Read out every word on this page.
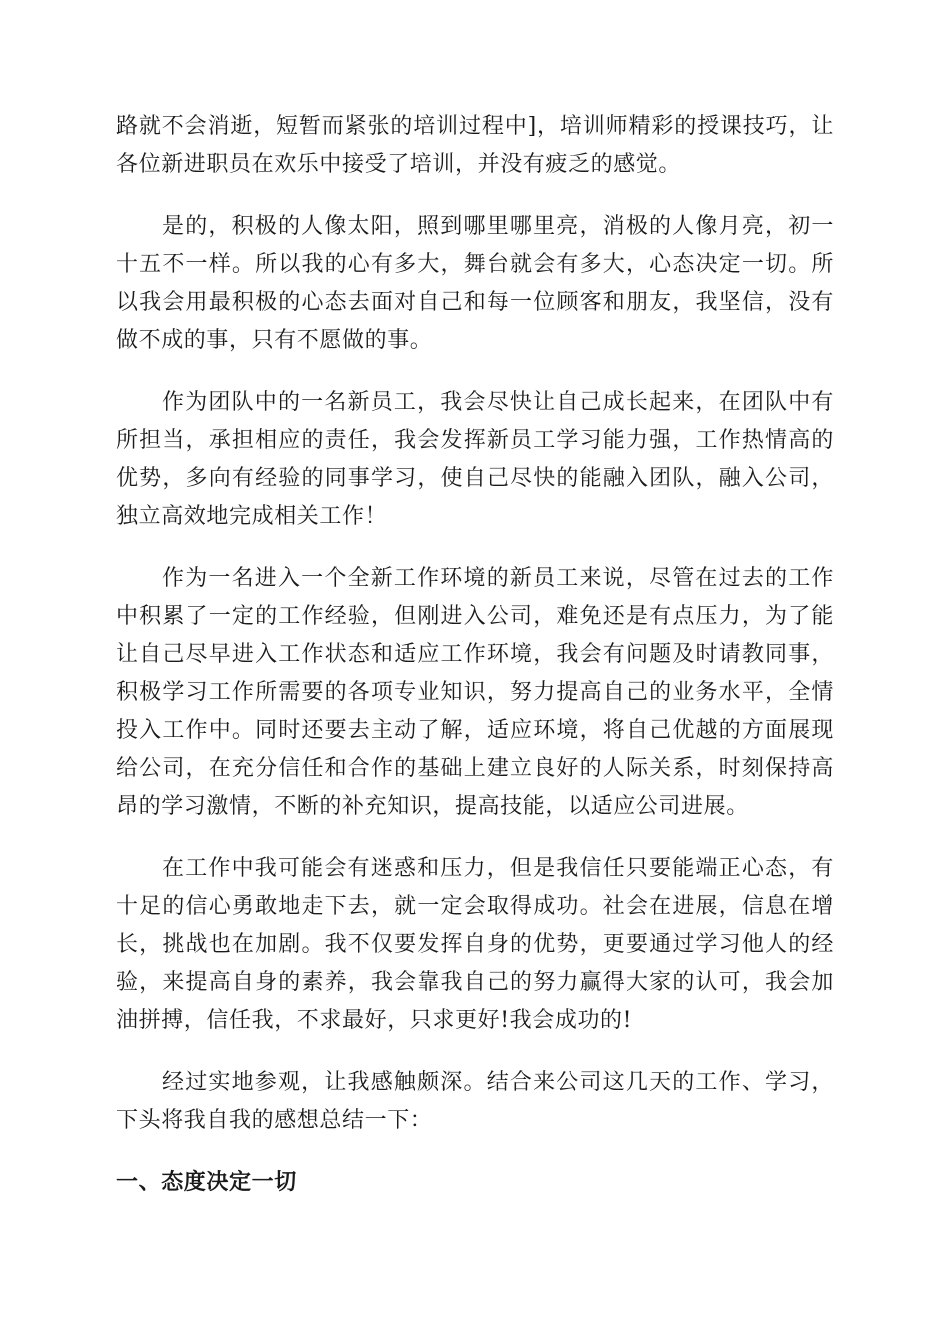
路就不会消逝，短暂而紧张的培训过程中]，培训师精彩的授课技巧，让各位新进职员在欢乐中接受了培训，并没有疲乏的感觉。

是的，积极的人像太阳，照到哪里哪里亮，消极的人像月亮，初一十五不一样。所以我的心有多大，舞台就会有多大，心态决定一切。所以我会用最积极的心态去面对自己和每一位顾客和朋友，我坚信，没有做不成的事，只有不愿做的事。

作为团队中的一名新员工，我会尽快让自己成长起来，在团队中有所担当，承担相应的责任，我会发挥新员工学习能力强，工作热情高的优势，多向有经验的同事学习，使自己尽快的能融入团队，融入公司，独立高效地完成相关工作！

作为一名进入一个全新工作环境的新员工来说，尽管在过去的工作中积累了一定的工作经验，但刚进入公司，难免还是有点压力，为了能让自己尽早进入工作状态和适应工作环境，我会有问题及时请教同事，积极学习工作所需要的各项专业知识，努力提高自己的业务水平，全情投入工作中。同时还要去主动了解，适应环境，将自己优越的方面展现给公司，在充分信任和合作的基础上建立良好的人际关系，时刻保持高昂的学习激情，不断的补充知识，提高技能，以适应公司进展。

在工作中我可能会有迷惑和压力，但是我信任只要能端正心态，有十足的信心勇敢地走下去，就一定会取得成功。社会在进展，信息在增长，挑战也在加剧。我不仅要发挥自身的优势，更要通过学习他人的经验，来提高自身的素养，我会靠我自己的努力赢得大家的认可，我会加油拼搏，信任我，不求最好，只求更好!我会成功的!

经过实地参观，让我感触颇深。结合来公司这几天的工作、学习，下头将我自我的感想总结一下：

一、态度决定一切
